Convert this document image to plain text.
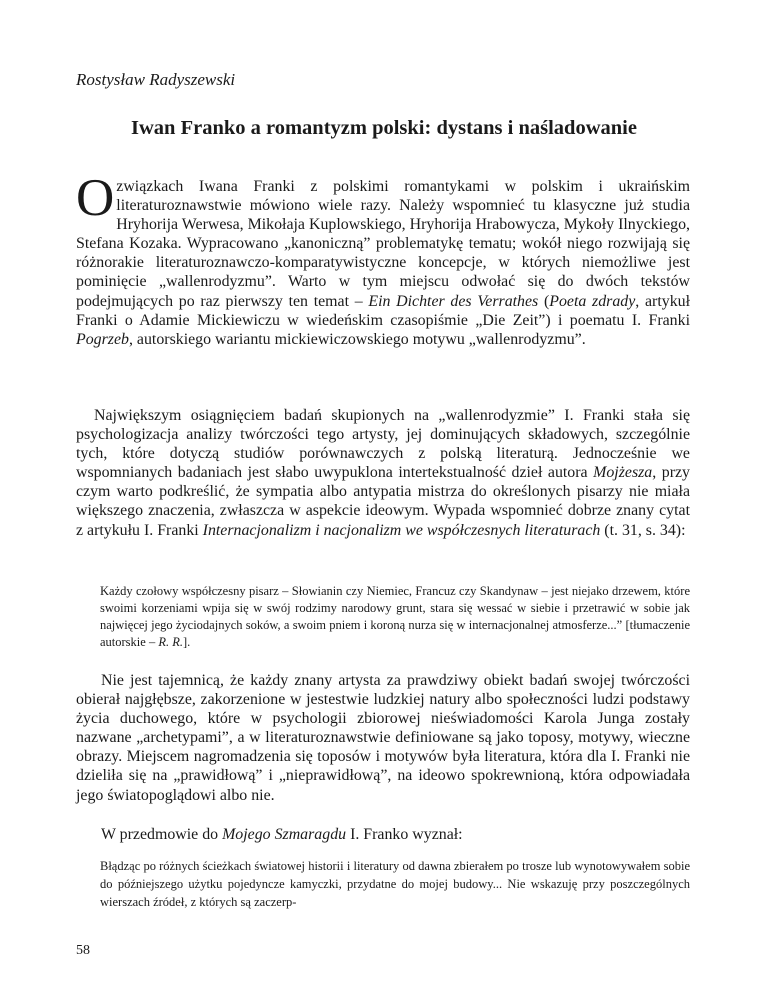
Rostysław Radyszewski
Iwan Franko a romantyzm polski: dystans i naśladowanie

Ozwiązkach Iwana Franki z polskimi romantykami w polskim i ukraińskim literaturoznawstwie mówiono wiele razy. Należy wspomnieć tu klasyczne już studia Hryhorija Werwesa, Mikołaja Kuplowskiego, Hryhorija Hrabowycza, Mykoły Ilnyckiego, Stefana Kozaka. Wypracowano „kanoniczną” problematykę tematu; wokół niego rozwijają się różnorakie literaturoznawczo-komparatywistyczne koncepcje, w których niemożliwe jest pominięcie „wallenrodyzmu”. Warto w tym miejscu odwołać się do dwóch tekstów podejmujących po raz pierwszy ten temat – Ein Dichter des Verrathes (Poeta zdrady, artykuł Franki o Adamie Mickiewiczu w wiedeńskim czasopiśmie „Die Zeit”) i poematu I. Franki Pogrzeb, autorskiego wariantu mickiewiczowskiego motywu „wallenrodyzmu”.

Największym osiągnięciem badań skupionych na „wallenrodyzmie” I. Franki stała się psychologizacja analizy twórczości tego artysty, jej dominujących składowych, szczególnie tych, które dotyczą studiów porównawczych z polską literaturą. Jednocześnie we wspomnianych badaniach jest słabo uwypuklona intertekstualność dzieł autora Mojżesza, przy czym warto podkreślić, że sympatia albo antypatia mistrza do określonych pisarzy nie miała większego znaczenia, zwłaszcza w aspekcie ideowym. Wypada wspomnieć dobrze znany cytat z artykułu I. Franki Internacjonalizm i nacjonalizm we współczesnych literaturach (t. 31, s. 34):

Każdy czołowy współczesny pisarz – Słowianin czy Niemiec, Francuz czy Skandynaw – jest niejako drzewem, które swoimi korzeniami wpija się w swój rodzimy narodowy grunt, stara się wessać w siebie i przetrawić w sobie jak najwięcej jego życiodajnych soków, a swoim pniem i koroną nurza się w internacjonalnej atmosferze...” [tłumaczenie autorskie – R. R.].

Nie jest tajemnicą, że każdy znany artysta za prawdziwy obiekt badań swojej twórczości obierał najgłębsze, zakorzenione w jestestwie ludzkiej natury albo społeczności ludzi podstawy życia duchowego, które w psychologii zbiorowej nieświadomości Karola Junga zostały nazwane „archetypami”, a w literaturoznawstwie definiowane są jako toposy, motywy, wieczne obrazy. Miejscem nagromadzenia się toposów i motywów była literatura, która dla I. Franki nie dzieliła się na „prawidłową” i „nieprawidłową”, na ideowo spokrewnioną, która odpowiadała jego światopoglądowi albo nie.

W przedmowie do Mojego Szmaragdu I. Franko wyznał:

Błądząc po różnych ścieżkach światowej historii i literatury od dawna zbierałem po trosze lub wynotowywałem sobie do późniejszego użytku pojedyncze kamyczki, przydatne do mojej budowy... Nie wskazuję przy poszczególnych wierszach źródeł, z których są zaczerp-

58
